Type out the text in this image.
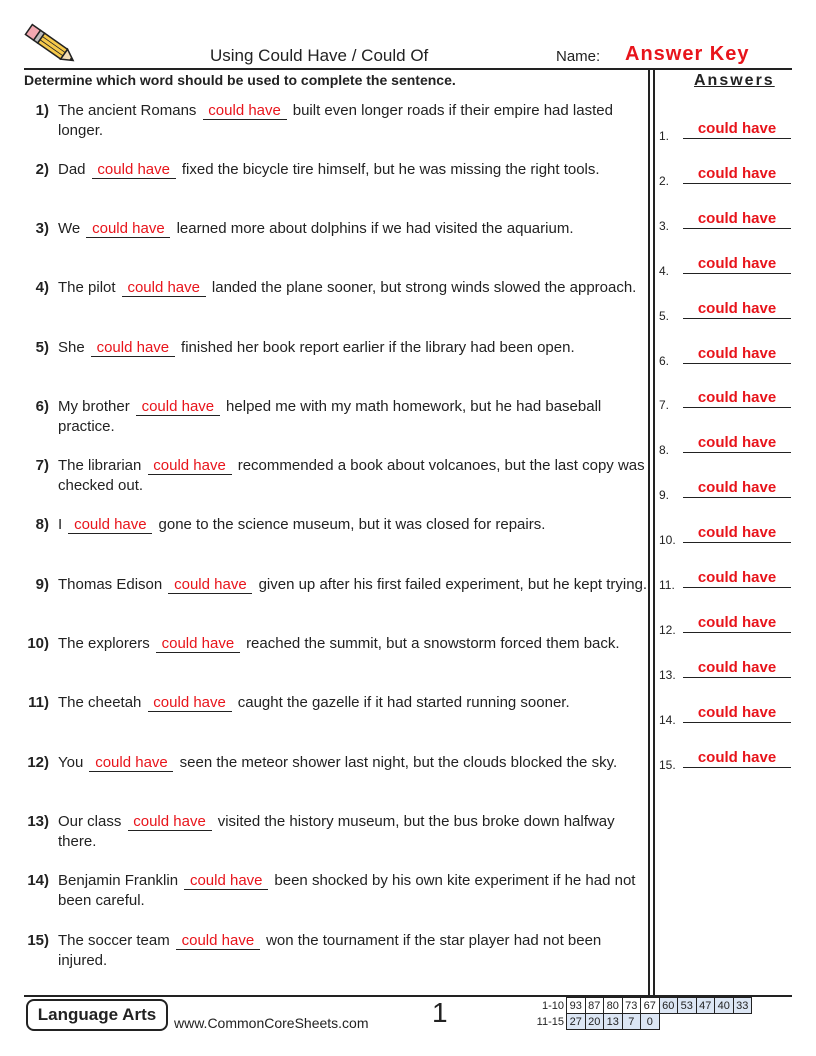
Using Could Have / Could Of	Name: Answer Key
Determine which word should be used to complete the sentence.	Answers
1) The ancient Romans could have built even longer roads if their empire had lasted longer.
2) Dad could have fixed the bicycle tire himself, but he was missing the right tools.
3) We could have learned more about dolphins if we had visited the aquarium.
4) The pilot could have landed the plane sooner, but strong winds slowed the approach.
5) She could have finished her book report earlier if the library had been open.
6) My brother could have helped me with my math homework, but he had baseball practice.
7) The librarian could have recommended a book about volcanoes, but the last copy was checked out.
8) I could have gone to the science museum, but it was closed for repairs.
9) Thomas Edison could have given up after his first failed experiment, but he kept trying.
10) The explorers could have reached the summit, but a snowstorm forced them back.
11) The cheetah could have caught the gazelle if it had started running sooner.
12) You could have seen the meteor shower last night, but the clouds blocked the sky.
13) Our class could have visited the history museum, but the bus broke down halfway there.
14) Benjamin Franklin could have been shocked by his own kite experiment if he had not been careful.
15) The soccer team could have won the tournament if the star player had not been injured.
1.	could have
2.	could have
3.	could have
4.	could have
5.	could have
6.	could have
7.	could have
8.	could have
9.	could have
10.	could have
11.	could have
12.	could have
13.	could have
14.	could have
15.	could have
Language Arts	www.CommonCoreSheets.com 1	1-10	93	87	80	73	67	60	53	47	40	33
11-15	27	20	13	7	0					
